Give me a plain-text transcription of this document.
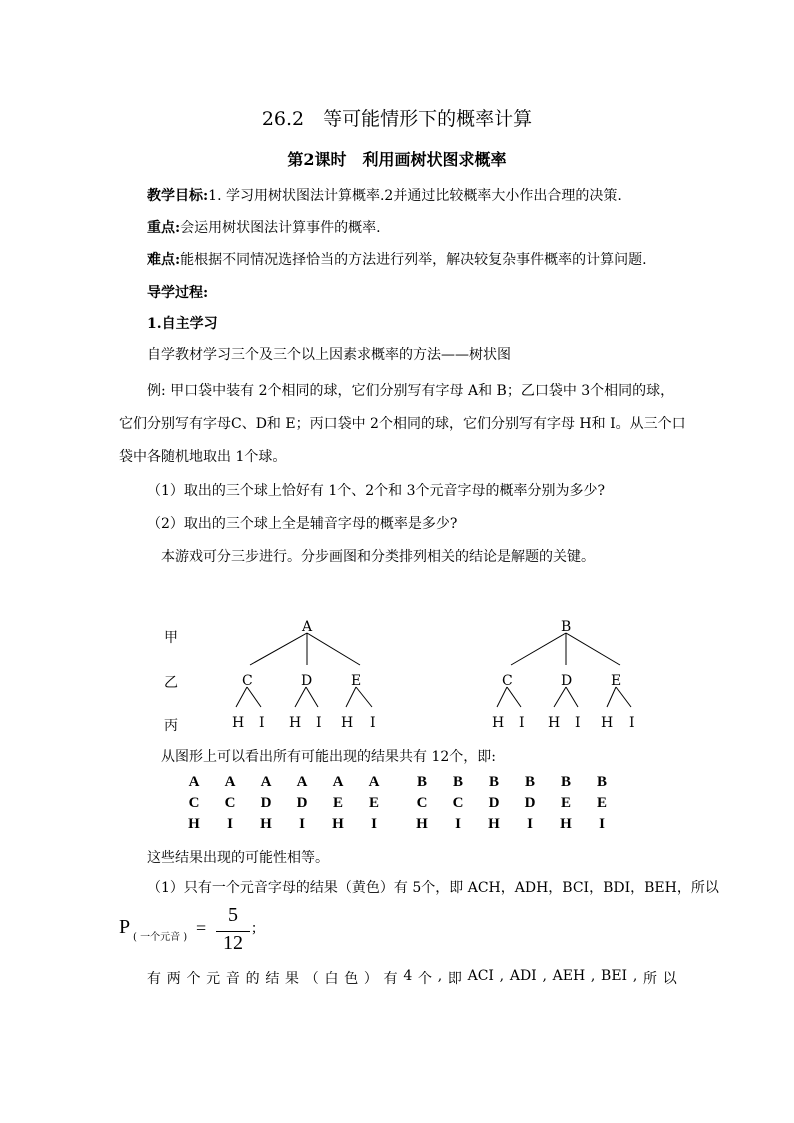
26.2　等可能情形下的概率计算
第2课时　利用画树状图求概率
教学目标:1. 学习用树状图法计算概率.2并通过比较概率大小作出合理的决策.
重点:会运用树状图法计算事件的概率.
难点:能根据不同情况选择恰当的方法进行列举，解决较复杂事件概率的计算问题.
导学过程:
1.自主学习
自学教材学习三个及三个以上因素求概率的方法——树状图
例: 甲口袋中装有 2个相同的球，它们分别写有字母 A和 B；乙口袋中 3个相同的球，
它们分别写有字母C、D和 E；丙口袋中 2个相同的球，它们分别写有字母 H和 I。从三个口
袋中各随机地取出 1个球。
（1）取出的三个球上恰好有 1个、2个和 3个元音字母的概率分别为多少?
（2）取出的三个球上全是辅音字母的概率是多少?
本游戏可分三步进行。分步画图和分类排列相关的结论是解题的关键。
甲
乙
丙
A
C	D	E
H I H I H I
B
C	D	E
H I H I H I
从图形上可以看出所有可能出现的结果共有 12个，即:
A A A A A A	B B B B B B
C C D D E E	C C D D E E
H	I	H	I	H	I	H	I	H	I	H	I
这些结果出现的可能性相等。
（1）只有一个元音字母的结果（黄色）有 5个，即 ACH，ADH，BCI，BDI，BEH，所以
P ( 一个元音 ) =
5
12
;
有 两 个 元 音 的 结 果 （ 白 色 ） 有 4 个 , 即 ACI , ADI , AEH , BEI , 所 以
